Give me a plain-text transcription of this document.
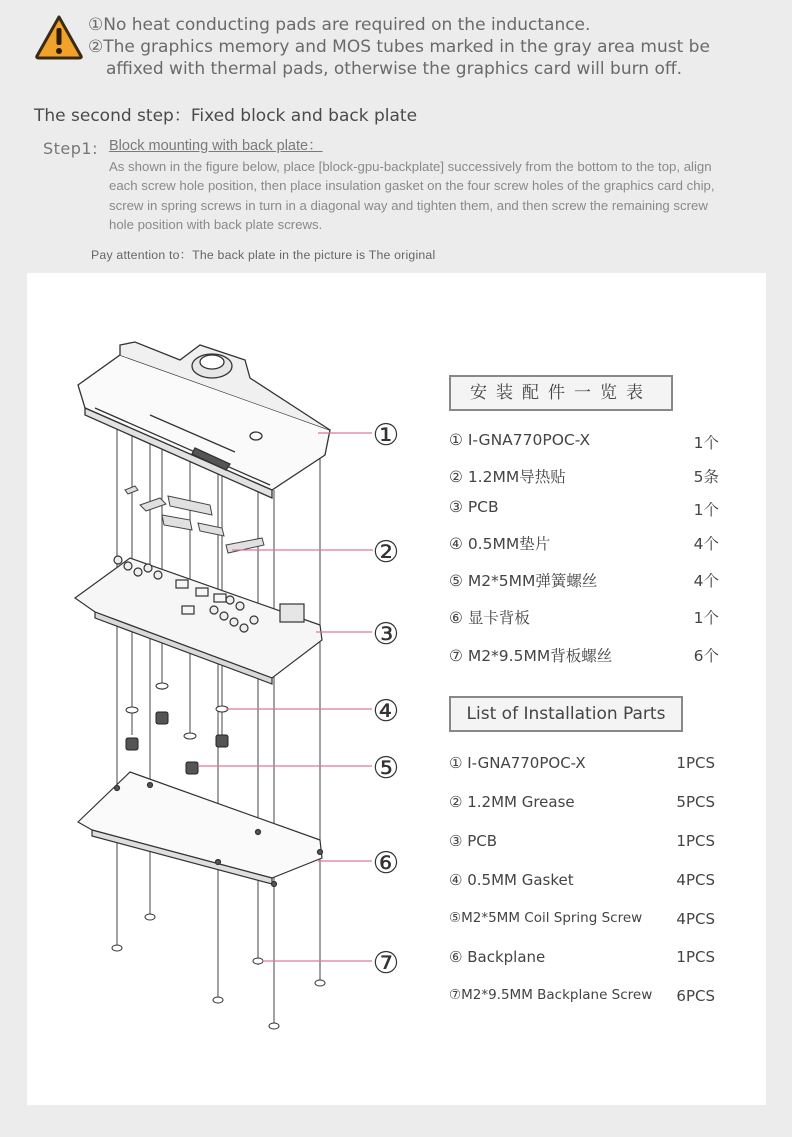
①No heat conducting pads are required on the inductance.
②The graphics memory and MOS tubes marked in the gray area must be
affixed with thermal pads, otherwise the graphics card will burn off.
The second step：Fixed block and back plate
Step1: Block mounting with back plate：
As shown in the figure below, place [block-gpu-backplate] successively from the bottom to the top, align each screw hole position, then place insulation gasket on the four screw holes of the graphics card chip, screw in spring screws in turn in a diagonal way and tighten them, and then screw the remaining screw hole position with back plate screws.
Pay attention to：The back plate in the picture is The original
①
②
③
④
⑤
⑥
⑦
安装配件一览表
① I-GNA770POC-X	1个
② 1.2MM导热贴	5条
③ PCB	1个
④ 0.5MM垫片	4个
⑤ M2*5MM弹簧螺丝	4个
⑥ 显卡背板	1个
⑦ M2*9.5MM背板螺丝	6个
List of Installation Parts
① I-GNA770POC-X	1PCS
② 1.2MM Grease	5PCS
③ PCB	1PCS
④ 0.5MM Gasket	4PCS
⑤M2*5MM Coil Spring Screw 4PCS
⑥ Backplane	1PCS
⑦M2*9.5MM Backplane Screw 6PCS
